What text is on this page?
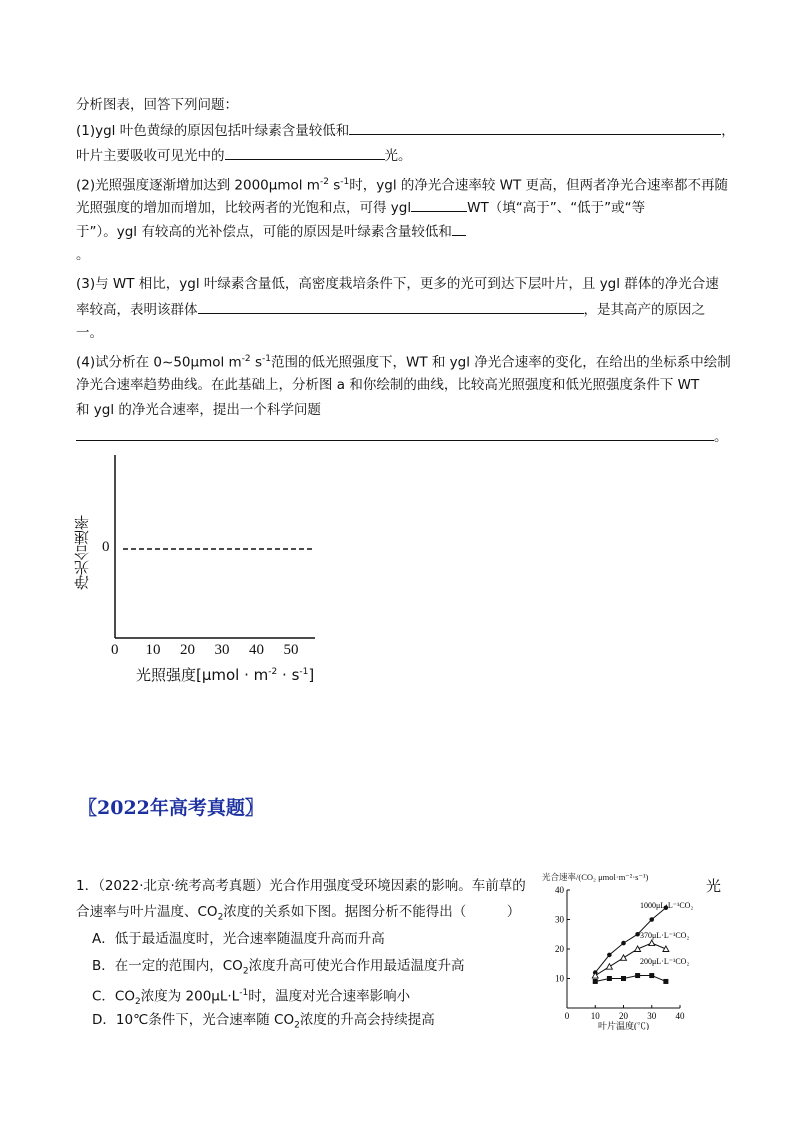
分析图表，回答下列问题：
(1)ygl 叶色黄绿的原因包括叶绿素含量较低和	，
叶片主要吸收可见光中的	光。
(2)光照强度逐渐增加达到 2000μmol $m^{-2}$ $s^{-1}$时，ygl 的净光合速率较 WT 更高，但两者净光合速率都不再随
光照强度的增加而增加，比较两者的光饱和点，可得 ygl	WT（填“高于”、“低于”或“等
于”）。ygl 有较高的光补偿点，可能的原因是叶绿素含量较低和
。
(3)与 WT 相比，ygl 叶绿素含量低，高密度栽培条件下，更多的光可到达下层叶片，且 ygl 群体的净光合速
率较高，表明该群体	，是其高产的原因之
一。
(4)试分析在 0~50μmol $m^{-2}$ $s^{-1}$范围的低光照强度下，WT 和 ygl 净光合速率的变化，在给出的坐标系中绘制
净光合速率趋势曲线。在此基础上，分析图 a 和你绘制的曲线，比较高光照强度和低光照强度条件下 WT
和 ygl 的净光合速率，提出一个科学问题
。
0
净光合速率
0 10 20 30 40 50
光照强度$[\mu mol \cdot m^{-2} \cdot s^{-1}]$
〖2022年高考真题〗
1．（2022·北京·统考高考真题）光合作用强度受环境因素的影响。车前草的	光
合速率与叶片温度、$CO_2$浓度的关系如下图。据图分析不能得出（　　　）
A．低于最适温度时，光合速率随温度升高而升高
B．在一定的范围内，$CO_2$浓度升高可使光合作用最适温度升高
C．$CO_2$浓度为 $200\mu L\cdot L^{-1}$时，温度对光合速率影响小
D．10℃条件下，光合速率随 $CO_2$浓度的升高会持续提高
光合速率/(CO₂ μmol·m⁻²·s⁻¹)
10
20
30
40
0 10 20 30 40
叶片温度(℃)
1000μL·L⁻¹CO₂
370μL·L⁻¹CO₂
200μL·L⁻¹CO₂
